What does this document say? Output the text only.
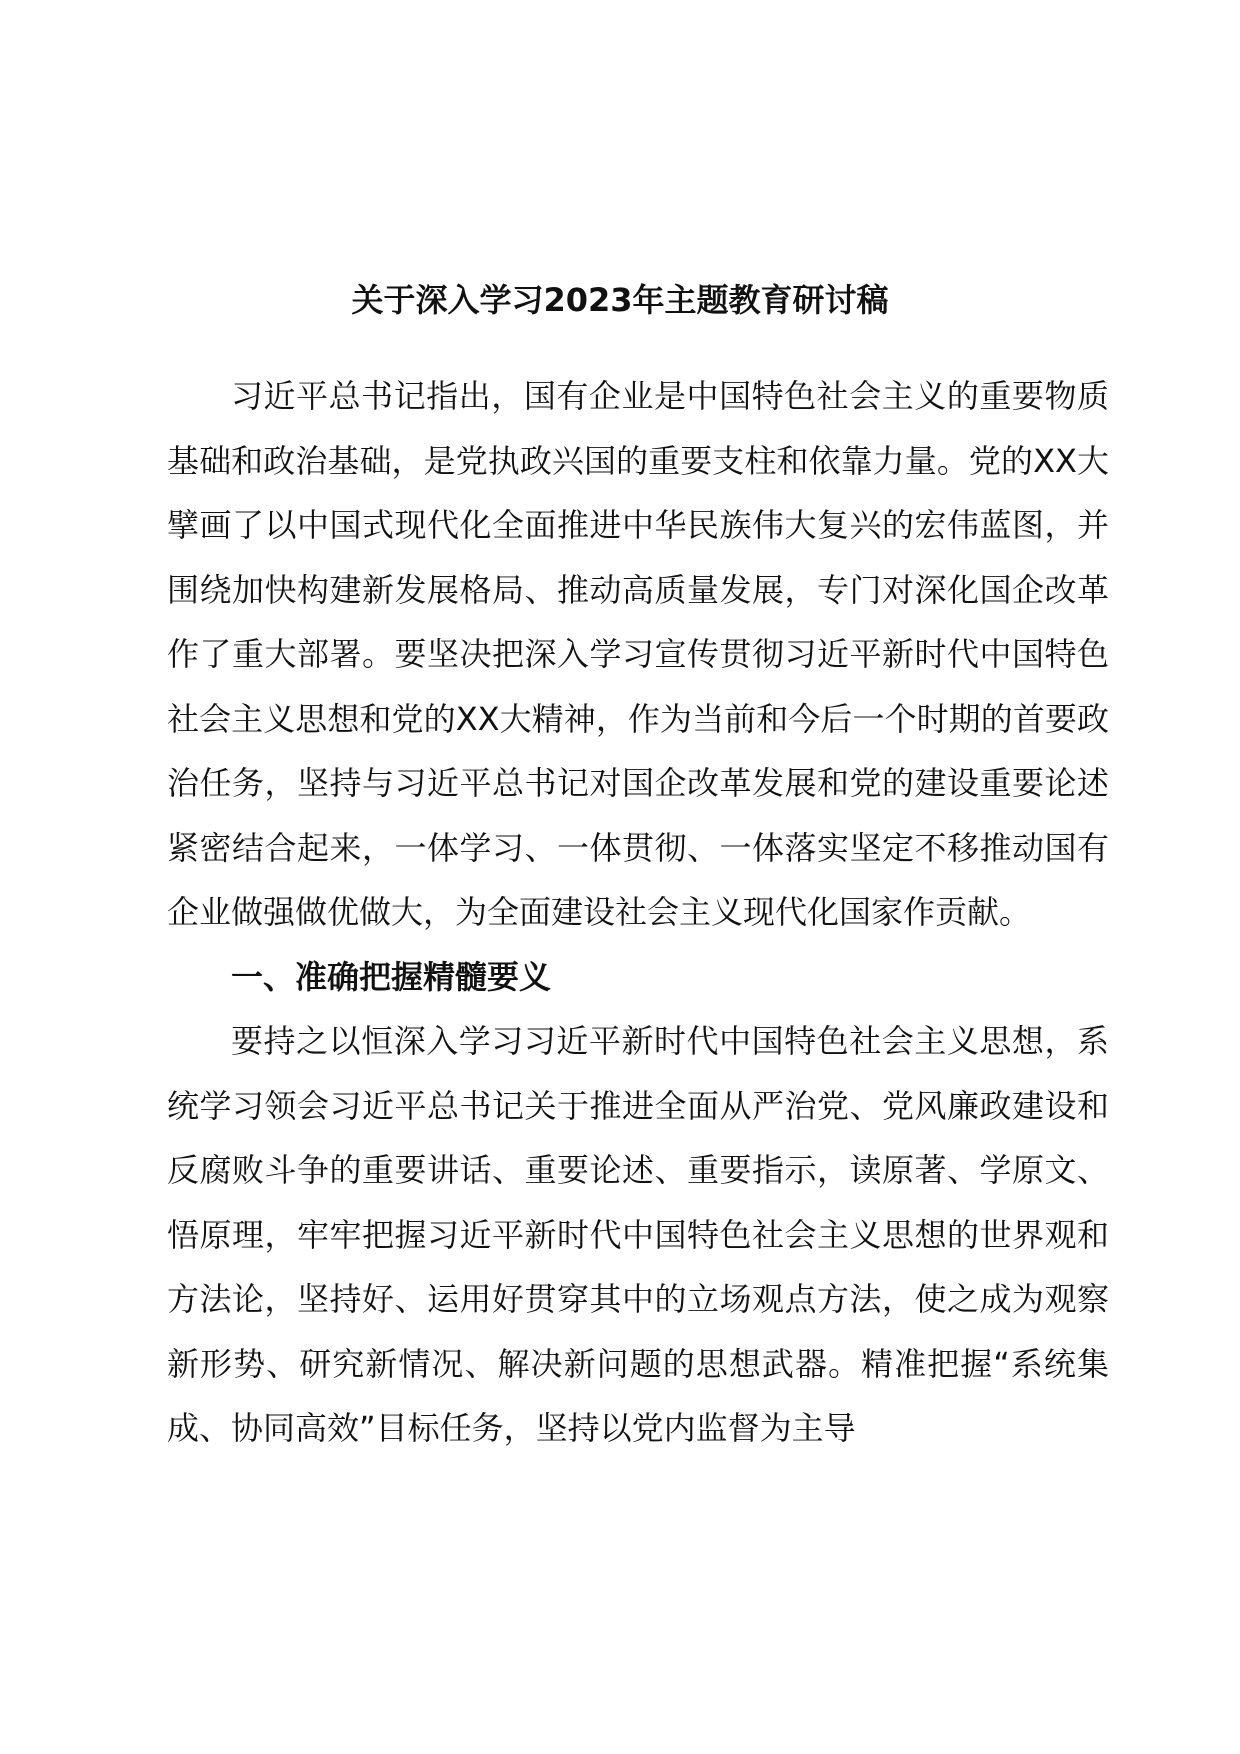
关于深入学习2023年主题教育研讨稿

习近平总书记指出，国有企业是中国特色社会主义的重要物质基础和政治基础，是党执政兴国的重要支柱和依靠力量。党的XX大擘画了以中国式现代化全面推进中华民族伟大复兴的宏伟蓝图，并围绕加快构建新发展格局、推动高质量发展，专门对深化国企改革作了重大部署。要坚决把深入学习宣传贯彻习近平新时代中国特色社会主义思想和党的XX大精神，作为当前和今后一个时期的首要政治任务，坚持与习近平总书记对国企改革发展和党的建设重要论述紧密结合起来，一体学习、一体贯彻、一体落实坚定不移推动国有企业做强做优做大，为全面建设社会主义现代化国家作贡献。

一、准确把握精髓要义

要持之以恒深入学习习近平新时代中国特色社会主义思想，系统学习领会习近平总书记关于推进全面从严治党、党风廉政建设和反腐败斗争的重要讲话、重要论述、重要指示，读原著、学原文、悟原理，牢牢把握习近平新时代中国特色社会主义思想的世界观和方法论，坚持好、运用好贯穿其中的立场观点方法，使之成为观察新形势、研究新情况、解决新问题的思想武器。精准把握“系统集成、协同高效”目标任务，坚持以党内监督为主导
